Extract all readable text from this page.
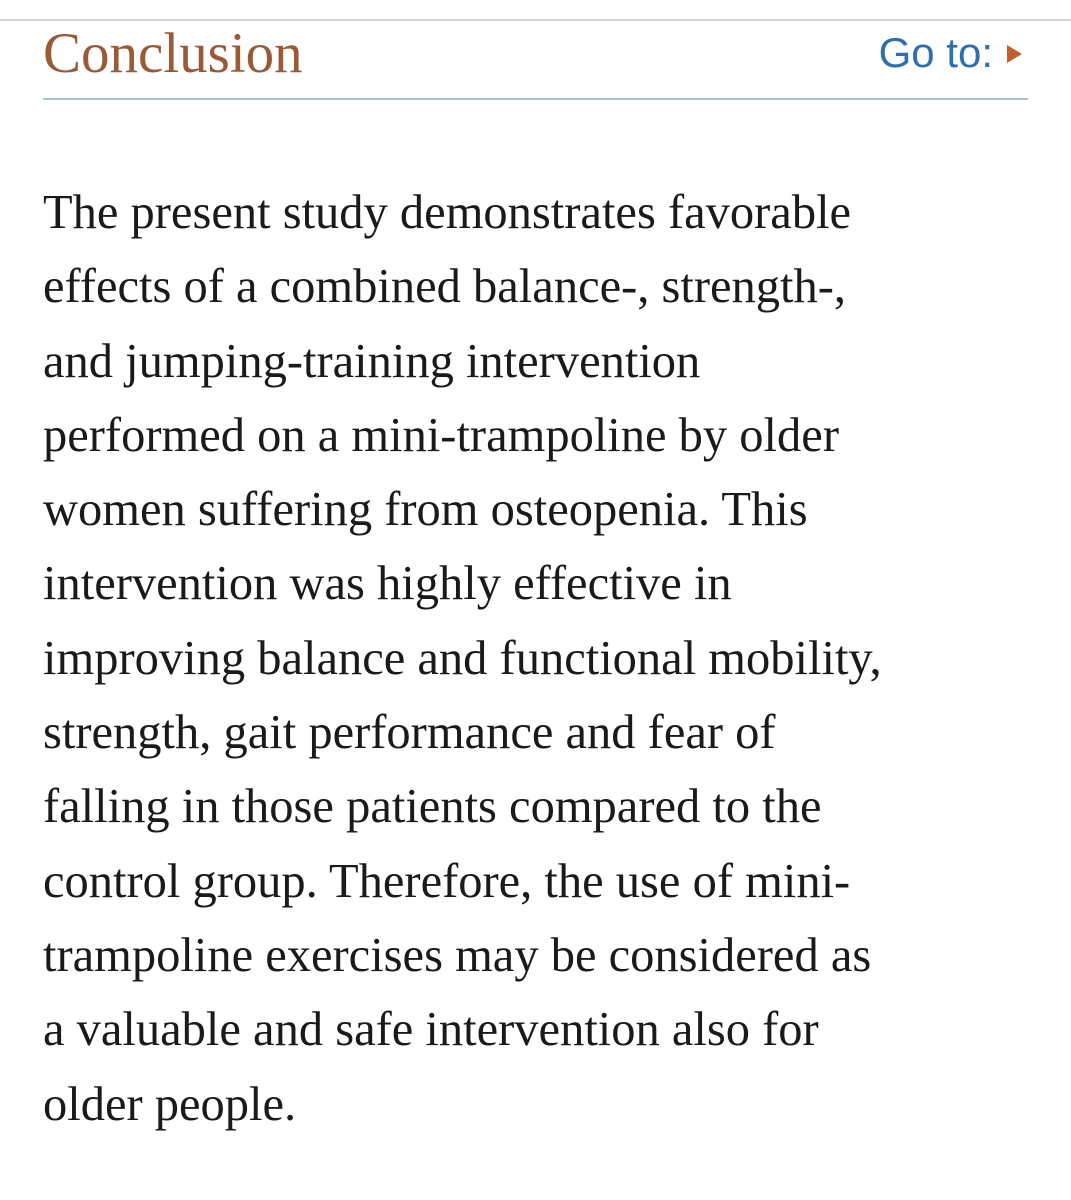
Conclusion	Go to:

The present study demonstrates favorable
effects of a combined balance-, strength-,
and jumping-training intervention
performed on a mini-trampoline by older
women suffering from osteopenia. This
intervention was highly effective in
improving balance and functional mobility,
strength, gait performance and fear of
falling in those patients compared to the
control group. Therefore, the use of mini-
trampoline exercises may be considered as
a valuable and safe intervention also for
older people.
